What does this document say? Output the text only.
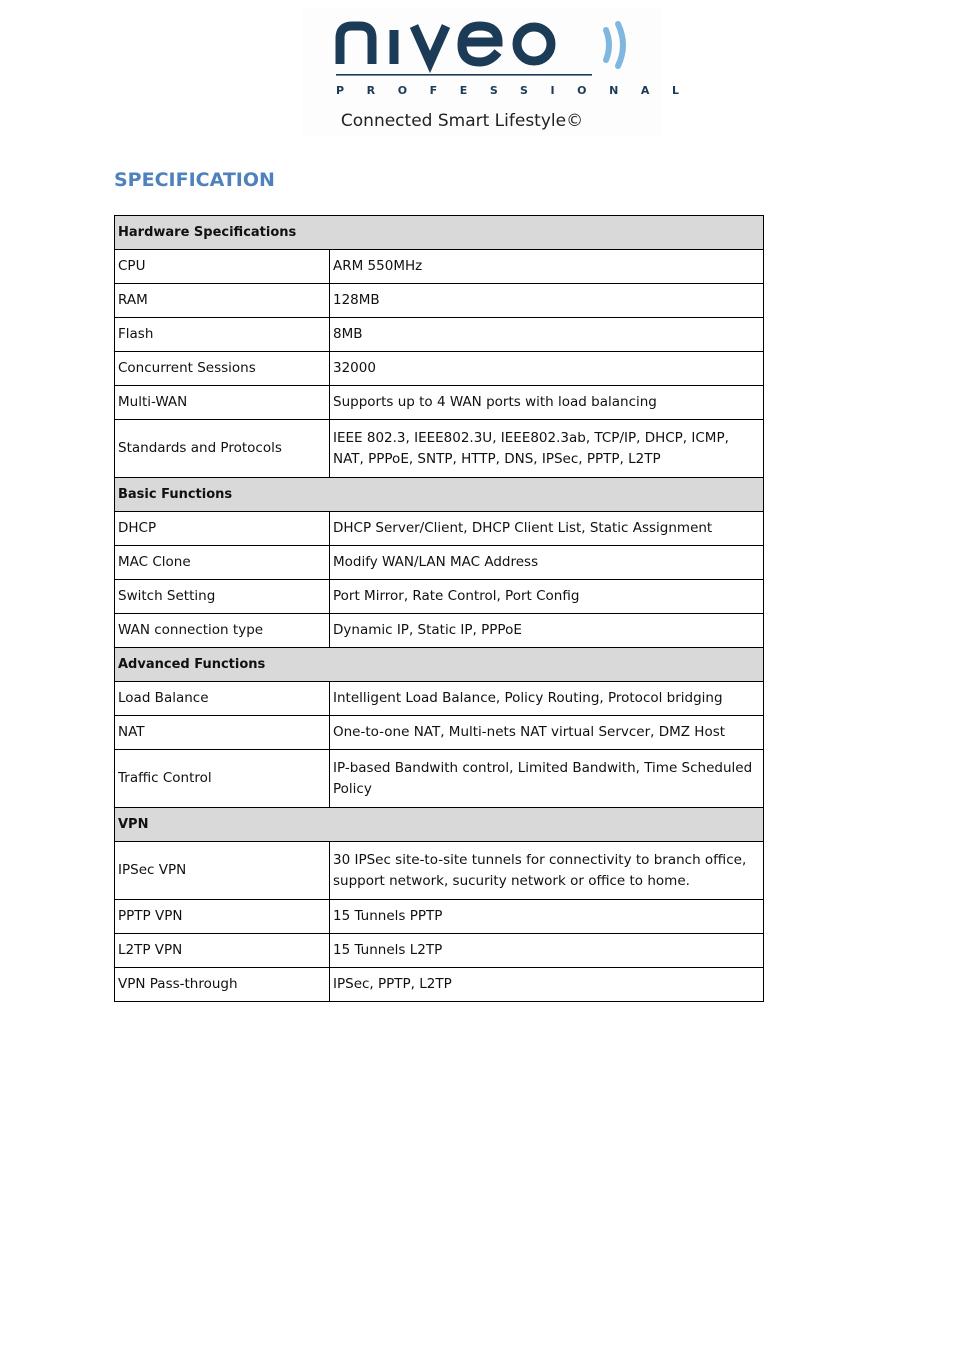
PROFESSIONAL
Connected Smart Lifestyle©
SPECIFICATION
Hardware Specifications	
CPU	ARM 550MHz
RAM	128MB
Flash	8MB
Concurrent Sessions	32000
Multi-WAN	Supports up to 4 WAN ports with load balancing
Standards and Protocols	IEEE 802.3, IEEE802.3U, IEEE802.3ab, TCP/IP, DHCP, ICMP, NAT, PPPoE, SNTP, HTTP, DNS, IPSec, PPTP, L2TP
Basic Functions	
DHCP	DHCP Server/Client, DHCP Client List, Static Assignment
MAC Clone	Modify WAN/LAN MAC Address
Switch Setting	Port Mirror, Rate Control, Port Config
WAN connection type	Dynamic IP, Static IP, PPPoE
Advanced Functions	
Load Balance	Intelligent Load Balance, Policy Routing, Protocol bridging
NAT	One-to-one NAT, Multi-nets NAT virtual Servcer, DMZ Host
Traffic Control	IP-based Bandwith control, Limited Bandwith, Time Scheduled Policy
VPN	
IPSec VPN	30 IPSec site-to-site tunnels for connectivity to branch office, support network, sucurity network or office to home.
PPTP VPN	15 Tunnels PPTP
L2TP VPN	15 Tunnels L2TP
VPN Pass-through	IPSec, PPTP, L2TP
